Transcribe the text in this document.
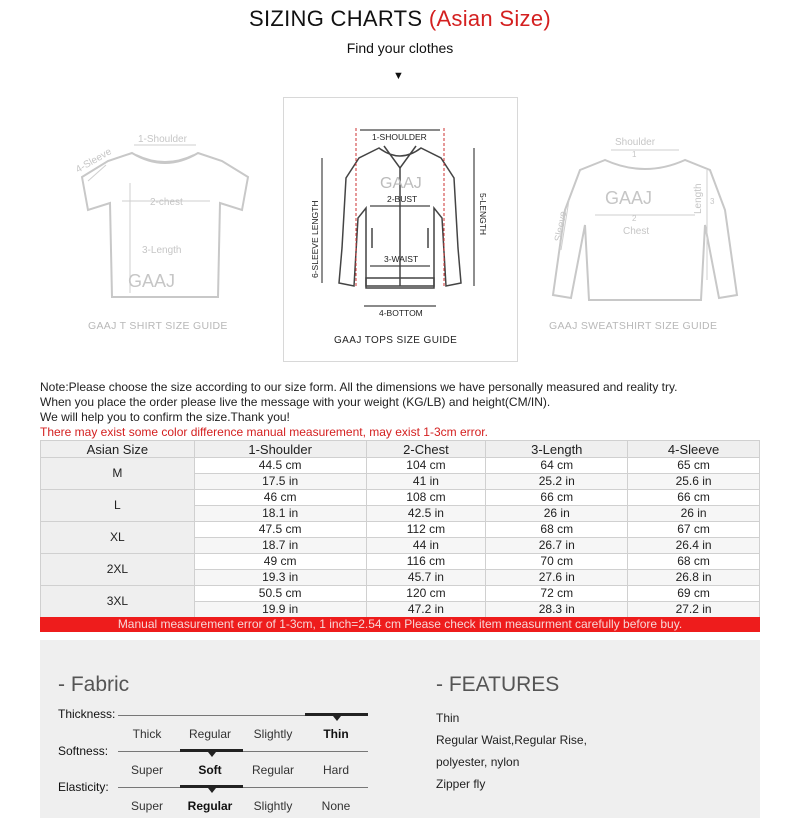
SIZING CHARTS (Asian Size)
Find your clothes
▼
1-Shoulder
4-Sleeve
2-chest
3-Length
GAAJ
GAAJ T SHIRT SIZE GUIDE
1-SHOULDER
2-BUST
3-WAIST
4-BOTTOM
5-LENGTH
6-SLEEVE LENGTH
GAAJ
GAAJ TOPS SIZE GUIDE
Shoulder
Length
Sleeve	Chest
GAAJ
1
2
3
GAAJ SWEATSHIRT SIZE GUIDE
Note:Please choose the size according to our size form. All the dimensions we have personally measured and reality try.
When you place the order please live the message with your weight (KG/LB) and height(CM/IN).
We will help you to confirm the size.Thank you!
There may exist some color difference manual measurement, may exist 1-3cm error.
Asian Size	1-Shoulder	2-Chest	3-Length	4-Sleeve
M	44.5 cm	104 cm	64 cm	65 cm
	17.5 in	41 in	25.2 in	25.6 in
L	46 cm	108 cm	66 cm	66 cm
	18.1 in	42.5 in	26 in	26 in
XL	47.5 cm	112 cm	68 cm	67 cm
	18.7 in	44 in	26.7 in	26.4 in
2XL	49 cm	116 cm	70 cm	68 cm
	19.3 in	45.7 in	27.6 in	26.8 in
3XL	50.5 cm	120 cm	72 cm	69 cm
	19.9 in	47.2 in	28.3 in	27.2 in
Manual measurement error of 1-3cm, 1 inch=2.54 cm Please check item measurment carefully before buy.
- Fabric
Thickness:
Thick	Regular	Slightly	Thin
Softness:
Super	Soft	Regular	Hard
Elasticity:
Super	Regular	Slightly	None
- FEATURES
Thin
Regular Waist,Regular Rise,
polyester, nylon
Zipper fly
